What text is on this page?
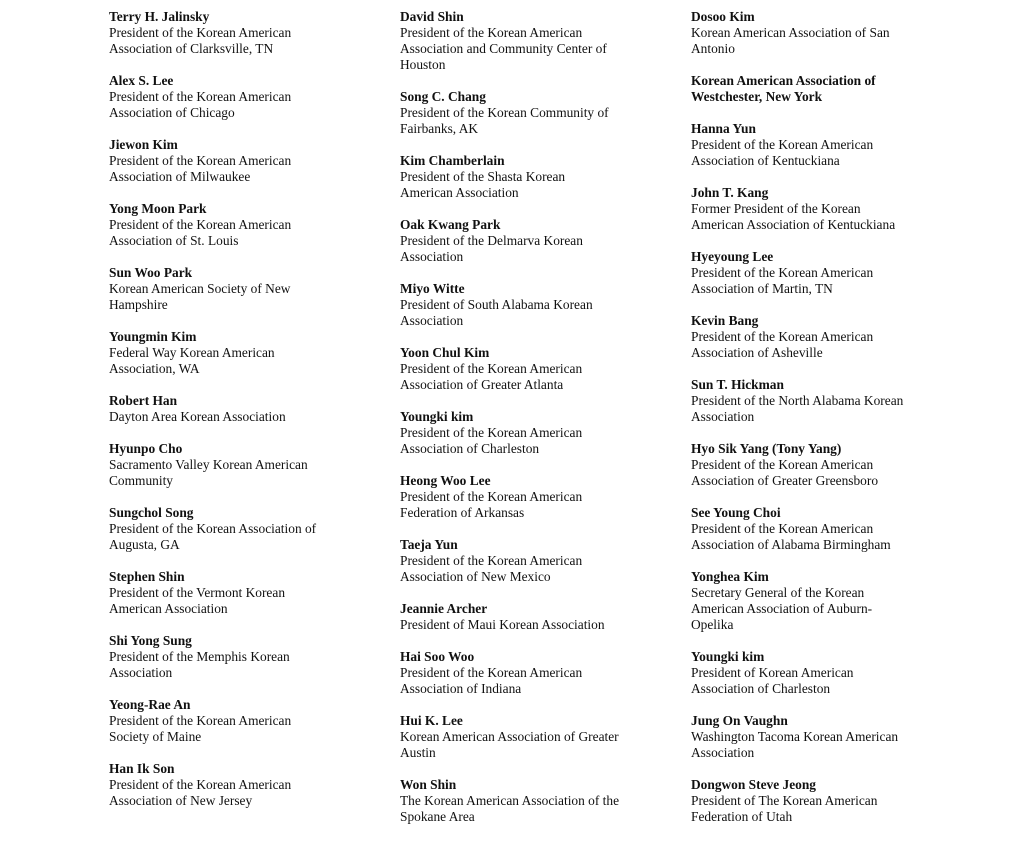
Terry H. Jalinsky
President of the Korean American
Association of Clarksville, TN
Alex S. Lee
President of the Korean American
Association of Chicago
Jiewon Kim
President of the Korean American
Association of Milwaukee
Yong Moon Park
President of the Korean American
Association of St. Louis
Sun Woo Park
Korean American Society of New
Hampshire
Youngmin Kim
Federal Way Korean American
Association, WA
Robert Han
Dayton Area Korean Association
Hyunpo Cho
Sacramento Valley Korean American
Community
Sungchol Song
President of the Korean Association of
Augusta, GA
Stephen Shin
President of the Vermont Korean
American Association
Shi Yong Sung
President of the Memphis Korean
Association
Yeong-Rae An
President of the Korean American
Society of Maine
Han Ik Son
President of the Korean American
Association of New Jersey
David Shin
President of the Korean American
Association and Community Center of
Houston
Song C. Chang
President of the Korean Community of
Fairbanks, AK
Kim Chamberlain
President of the Shasta Korean
American Association
Oak Kwang Park
President of the Delmarva Korean
Association
Miyo Witte
President of South Alabama Korean
Association
Yoon Chul Kim
President of the Korean American
Association of Greater Atlanta
Youngki kim
President of the Korean American
Association of Charleston
Heong Woo Lee
President of the Korean American
Federation of Arkansas
Taeja Yun
President of the Korean American
Association of New Mexico
Jeannie Archer
President of Maui Korean Association
Hai Soo Woo
President of the Korean American
Association of Indiana
Hui K. Lee
Korean American Association of Greater
Austin
Won Shin
The Korean American Association of the
Spokane Area
Dosoo Kim
Korean American Association of San
Antonio
Korean American Association of
Westchester, New York
Hanna Yun
President of the Korean American
Association of Kentuckiana
John T. Kang
Former President of the Korean
American Association of Kentuckiana
Hyeyoung Lee
President of the Korean American
Association of Martin, TN
Kevin Bang
President of the Korean American
Association of Asheville
Sun T. Hickman
President of the North Alabama Korean
Association
Hyo Sik Yang (Tony Yang)
President of the Korean American
Association of Greater Greensboro
See Young Choi
President of the Korean American
Association of Alabama Birmingham
Yonghea Kim
Secretary General of the Korean
American Association of Auburn-
Opelika
Youngki kim
President of Korean American
Association of Charleston
Jung On Vaughn
Washington Tacoma Korean American
Association
Dongwon Steve Jeong
President of The Korean American
Federation of Utah
